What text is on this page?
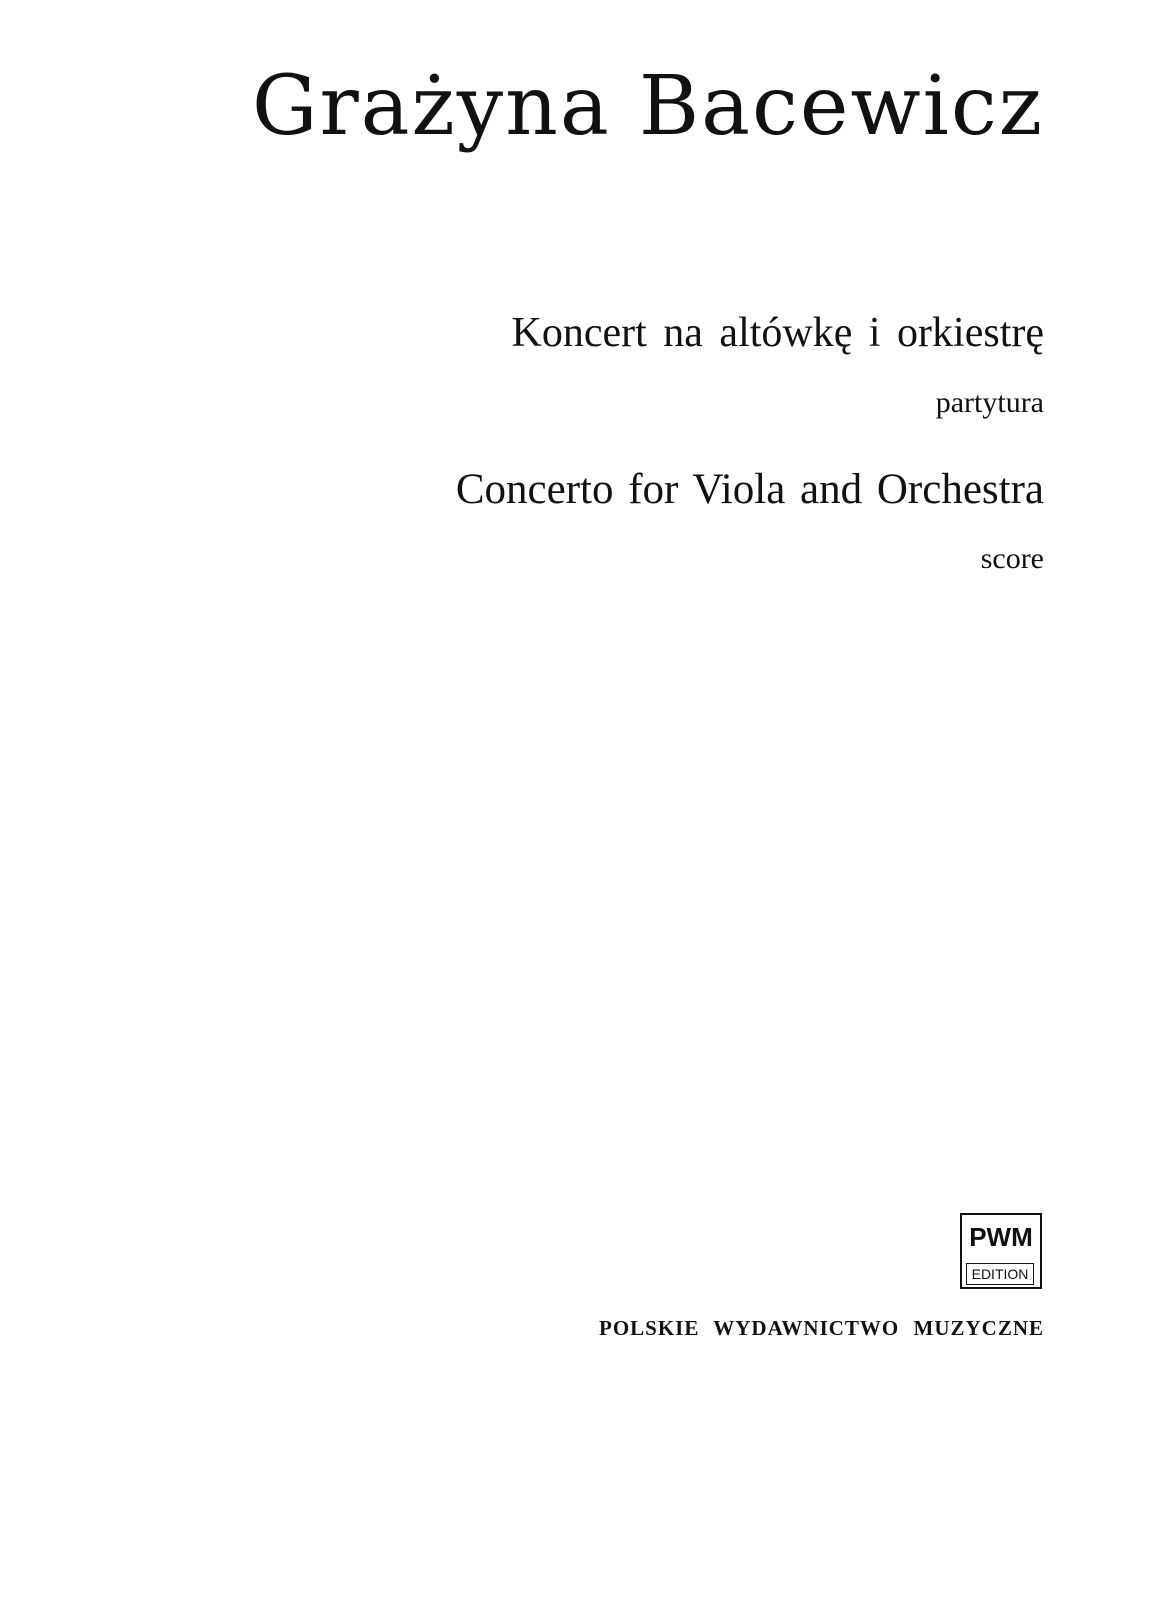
Grażyna Bacewicz
Koncert na altówkę i orkiestrę
partytura
Concerto for Viola and Orchestra
score
PWM
EDITION
POLSKIE WYDAWNICTWO MUZYCZNE
